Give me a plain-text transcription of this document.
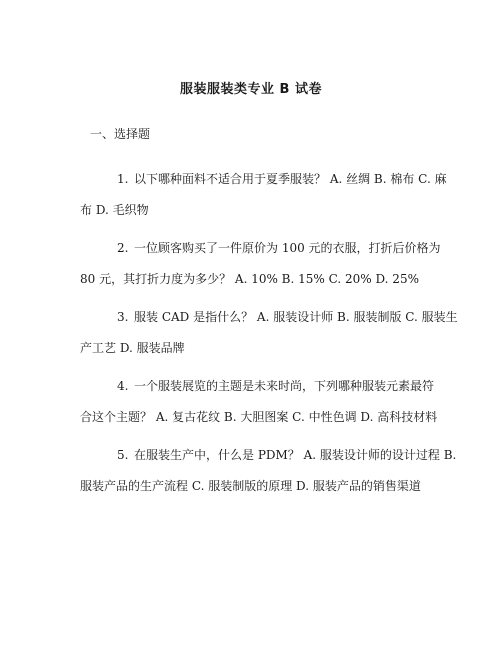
服装服装类专业 B 试卷
一、选择题
1. 以下哪种面料不适合用于夏季服装？ A. 丝绸 B. 棉布 C. 麻
布 D. 毛织物
2. 一位顾客购买了一件原价为 100 元的衣服，打折后价格为
80 元，其打折力度为多少？ A. 10% B. 15% C. 20% D. 25%
3. 服装 CAD 是指什么？ A. 服装设计师 B. 服装制版 C. 服装生
产工艺 D. 服装品牌
4. 一个服装展览的主题是未来时尚，下列哪种服装元素最符
合这个主题？ A. 复古花纹 B. 大胆图案 C. 中性色调 D. 高科技材料
5. 在服装生产中，什么是 PDM？ A. 服装设计师的设计过程 B.
服装产品的生产流程 C. 服装制版的原理 D. 服装产品的销售渠道
